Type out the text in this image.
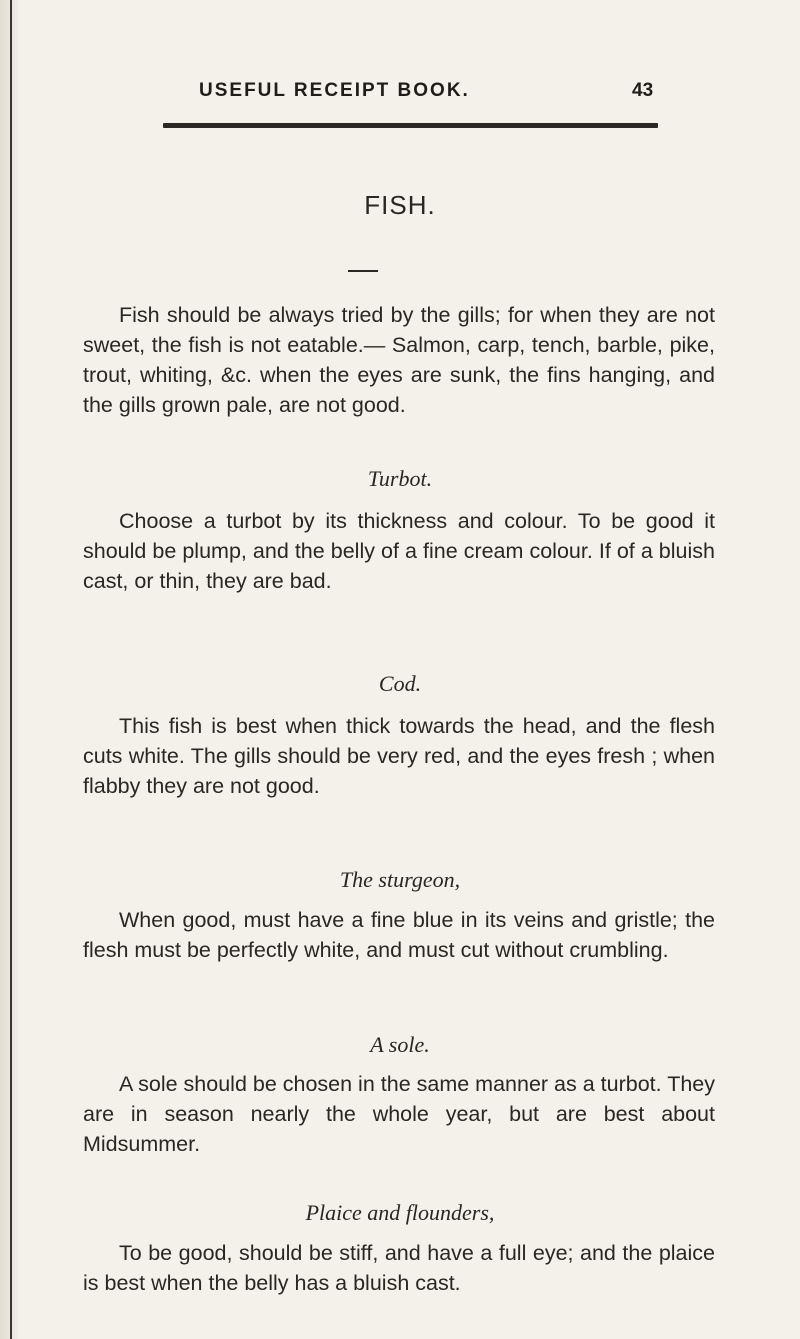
USEFUL RECEIPT BOOK.	43
FISH.

Fish should be always tried by the gills; for when they are not sweet, the fish is not eatable.— Salmon, carp, tench, barble, pike, trout, whiting, &c. when the eyes are sunk, the fins hanging, and the gills grown pale, are not good.

Turbot.

Choose a turbot by its thickness and colour. To be good it should be plump, and the belly of a fine cream colour. If of a bluish cast, or thin, they are bad.

Cod.

This fish is best when thick towards the head, and the flesh cuts white. The gills should be very red, and the eyes fresh ; when flabby they are not good.

The sturgeon,

When good, must have a fine blue in its veins and gristle; the flesh must be perfectly white, and must cut without crumbling.

A sole.

A sole should be chosen in the same manner as a turbot. They are in season nearly the whole year, but are best about Midsummer.

Plaice and flounders,

To be good, should be stiff, and have a full eye; and the plaice is best when the belly has a bluish cast.
